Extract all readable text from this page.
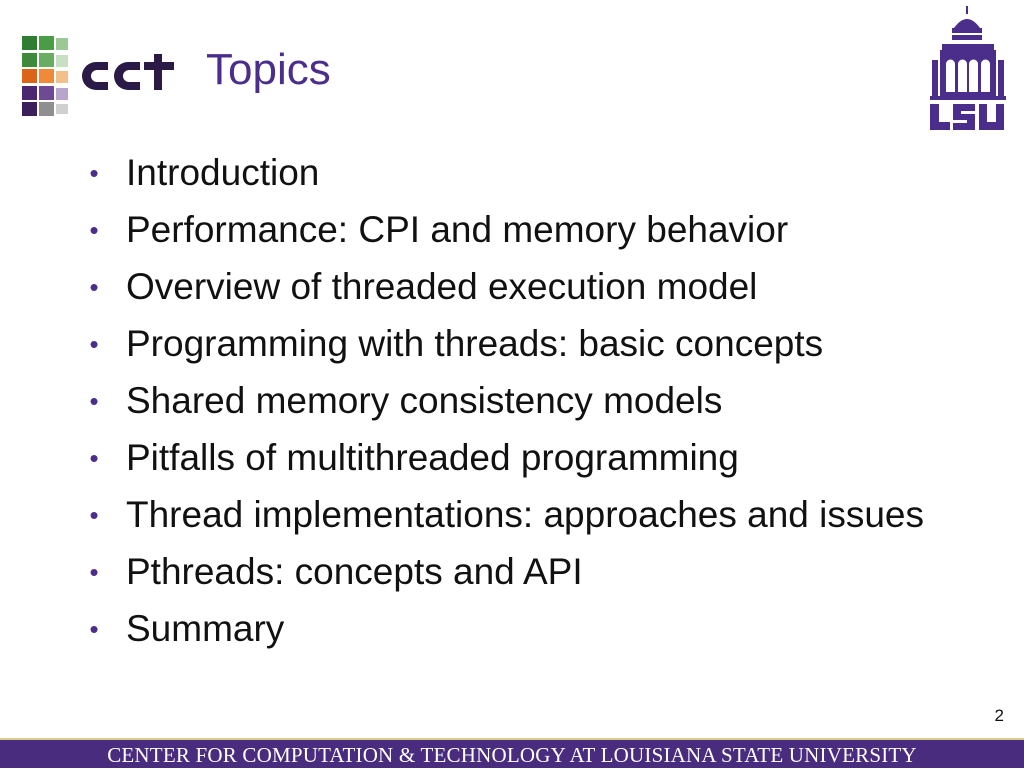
Topics
• Introduction
• Performance: CPI and memory behavior
• Overview of threaded execution model
• Programming with threads: basic concepts
• Shared memory consistency models
• Pitfalls of multithreaded programming
• Thread implementations: approaches and issues
• Pthreads: concepts and API
• Summary
2
CENTER FOR COMPUTATION & TECHNOLOGY AT LOUISIANA STATE UNIVERSITY
